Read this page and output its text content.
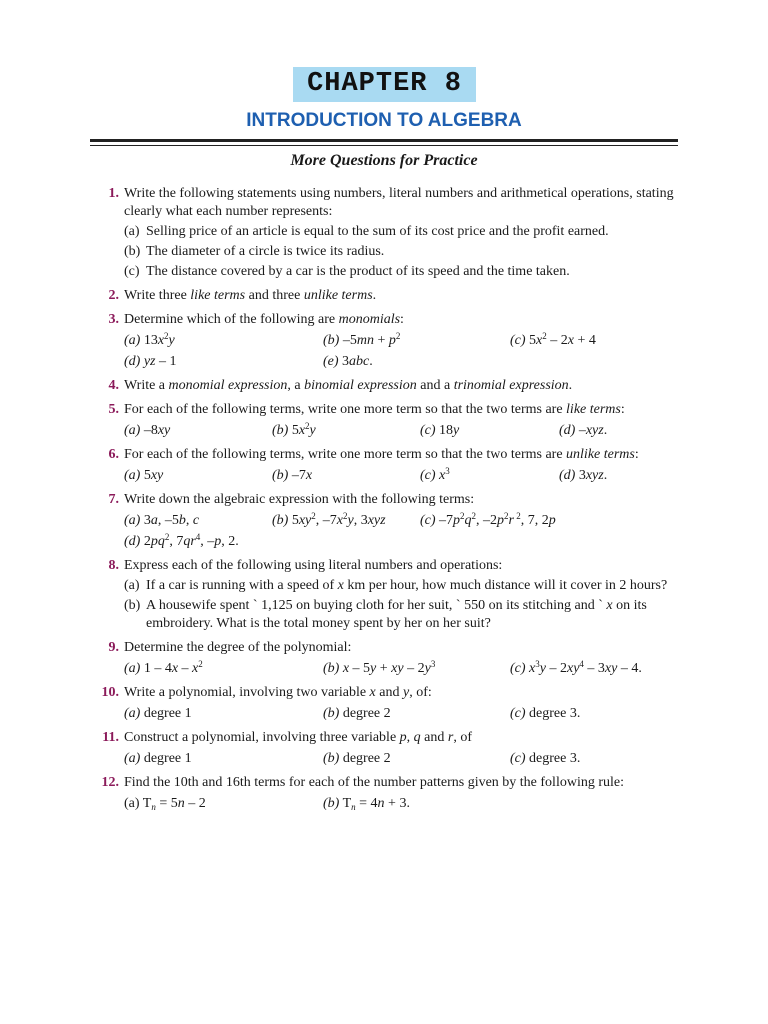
CHAPTER 8
INTRODUCTION TO ALGEBRA
More Questions for Practice
1. Write the following statements using numbers, literal numbers and arithmetical operations, stating clearly what each number represents:
(a) Selling price of an article is equal to the sum of its cost price and the profit earned.
(b) The diameter of a circle is twice its radius.
(c) The distance covered by a car is the product of its speed and the time taken.
2. Write three like terms and three unlike terms.
3. Determine which of the following are monomials:
(a) $13x^2y$	(b) $-5mn + p^2$	(c) $5x^2 - 2x + 4$
(d) yz – 1	(e) 3abc.
4. Write a monomial expression, a binomial expression and a trinomial expression.
5. For each of the following terms, write one more term so that the two terms are like terms:
(a) –8xy	(b) $5x^2y$	(c) 18y	(d) –xyz.
6. For each of the following terms, write one more term so that the two terms are unlike terms:
(a) 5xy	(b) –7x	(c) $x^3$	(d) 3xyz.
7. Write down the algebraic expression with the following terms:
(a) 3a, –5b, c	(b) $5xy^2$, $-7x^2y$, 3xyz (c) $-7p^2q^2$, $-2p^2r$ $^2$, 7, 2p
(d) $2pq^2$, $7qr^4$, –p, 2.
8. Express each of the following using literal numbers and operations:
(a) If a car is running with a speed of x km per hour, how much distance will it cover in 2 hours?
(b) A housewife spent ` 1,125 on buying cloth for her suit, ` 550 on its stitching and ` x on its embroidery. What is the total money spent by her on her suit?
9. Determine the degree of the polynomial:
(a) $1 - 4x - x^2$	(b) x – 5y + xy – $2y^3$	(c) $x^3y - 2xy^4 - 3xy - 4$.
10. Write a polynomial, involving two variable x and y, of:
(a) degree 1	(b) degree 2	(c) degree 3.
11. Construct a polynomial, involving three variable p, q and r, of
(a) degree 1	(b) degree 2	(c) degree 3.
12. Find the 10th and 16th terms for each of the number patterns given by the following rule:
(a) $T_n = 5n - 2$	(b) $T_n = 4n + 3$.
